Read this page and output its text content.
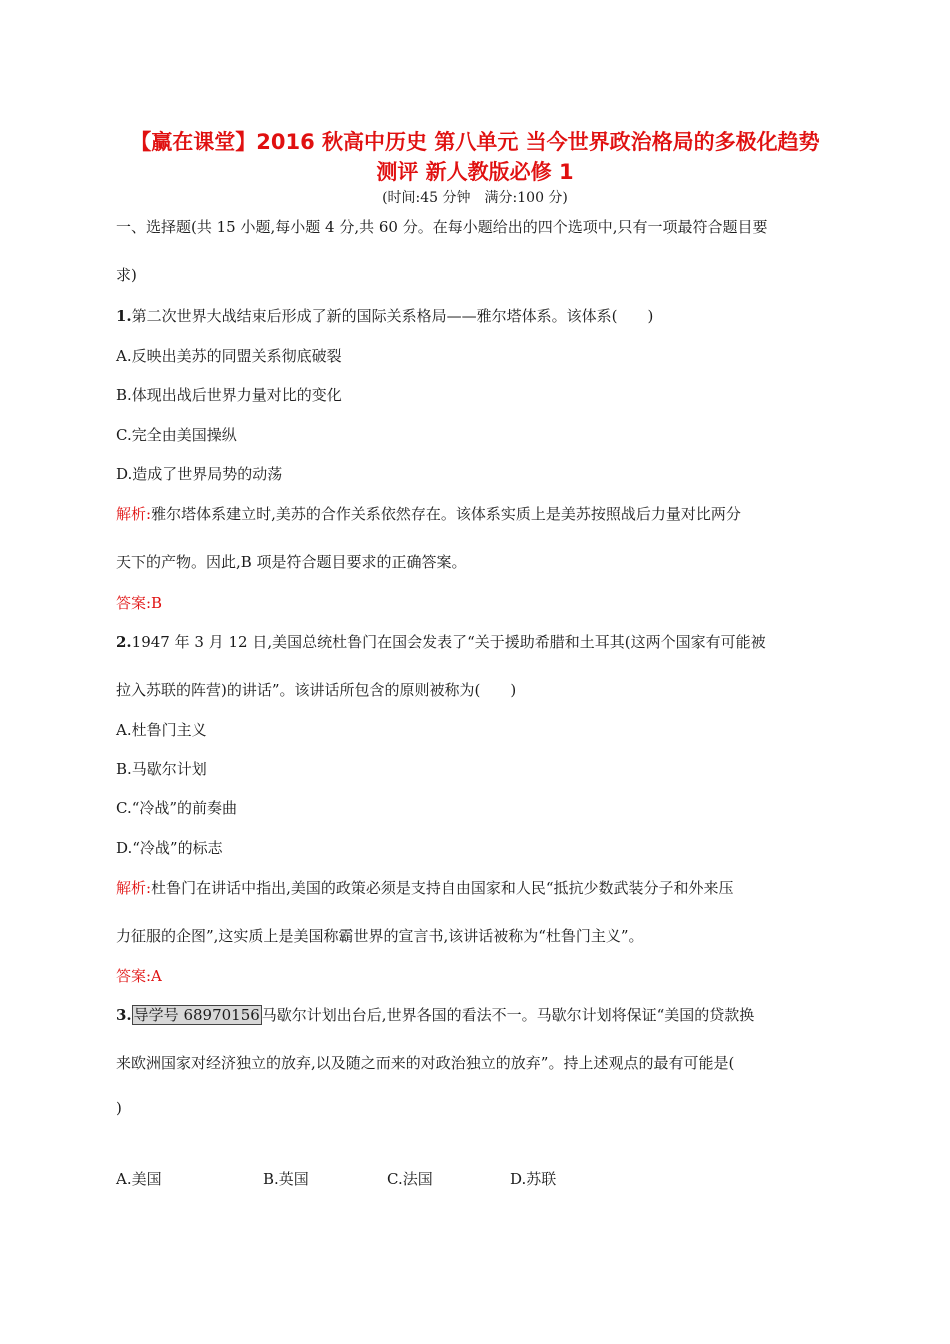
【赢在课堂】2016 秋高中历史 第八单元 当今世界政治格局的多极化趋势
测评 新人教版必修 1
(时间:45 分钟　满分:100 分)
一、选择题(共 15 小题,每小题 4 分,共 60 分。在每小题给出的四个选项中,只有一项最符合题目要
求)
1.第二次世界大战结束后形成了新的国际关系格局——雅尔塔体系。该体系(　　)
A.反映出美苏的同盟关系彻底破裂
B.体现出战后世界力量对比的变化
C.完全由美国操纵
D.造成了世界局势的动荡
解析:雅尔塔体系建立时,美苏的合作关系依然存在。该体系实质上是美苏按照战后力量对比两分
天下的产物。因此,B 项是符合题目要求的正确答案。
答案:B
2.1947 年 3 月 12 日,美国总统杜鲁门在国会发表了“关于援助希腊和土耳其(这两个国家有可能被
拉入苏联的阵营)的讲话”。该讲话所包含的原则被称为(　　)
A.杜鲁门主义
B.马歇尔计划
C.“冷战”的前奏曲
D.“冷战”的标志
解析:杜鲁门在讲话中指出,美国的政策必须是支持自由国家和人民“抵抗少数武装分子和外来压
力征服的企图”,这实质上是美国称霸世界的宣言书,该讲话被称为“杜鲁门主义”。
答案:A
3. 导学号 68970156 马歇尔计划出台后,世界各国的看法不一。马歇尔计划将保证“美国的贷款换
来欧洲国家对经济独立的放弃,以及随之而来的对政治独立的放弃”。持上述观点的最有可能是(
)
A.美国	B.英国	C.法国	D.苏联
